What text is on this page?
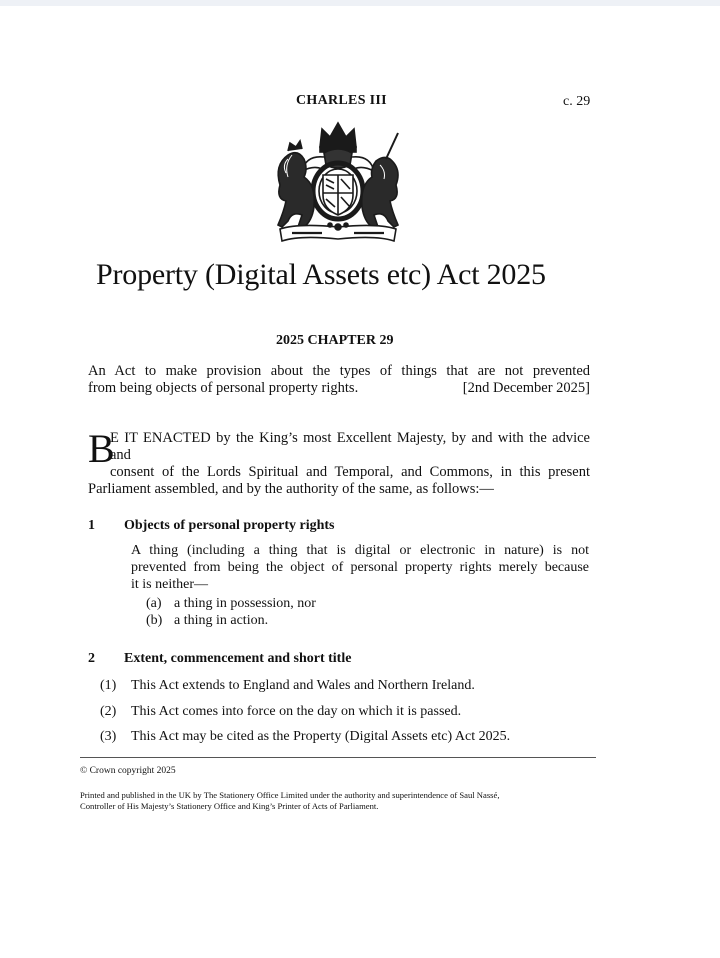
CHARLES III	c. 29
Property (Digital Assets etc) Act 2025
2025 CHAPTER 29
An Act to make provision about the types of things that are not prevented
from being objects of personal property rights.	[2nd December 2025]
B
E IT ENACTED by the King’s most Excellent Majesty, by and with the advice and
consent of the Lords Spiritual and Temporal, and Commons, in this present
Parliament assembled, and by the authority of the same, as follows:—
1 Objects of personal property rights
A thing (including a thing that is digital or electronic in nature) is not
prevented from being the object of personal property rights merely because
it is neither—
(a) a thing in possession, nor
(b) a thing in action.
2 Extent, commencement and short title
(1) This Act extends to England and Wales and Northern Ireland.
(2) This Act comes into force on the day on which it is passed.
(3) This Act may be cited as the Property (Digital Assets etc) Act 2025.
© Crown copyright 2025
Printed and published in the UK by The Stationery Office Limited under the authority and superintendence of Saul Nassé,
Controller of His Majesty’s Stationery Office and King’s Printer of Acts of Parliament.
